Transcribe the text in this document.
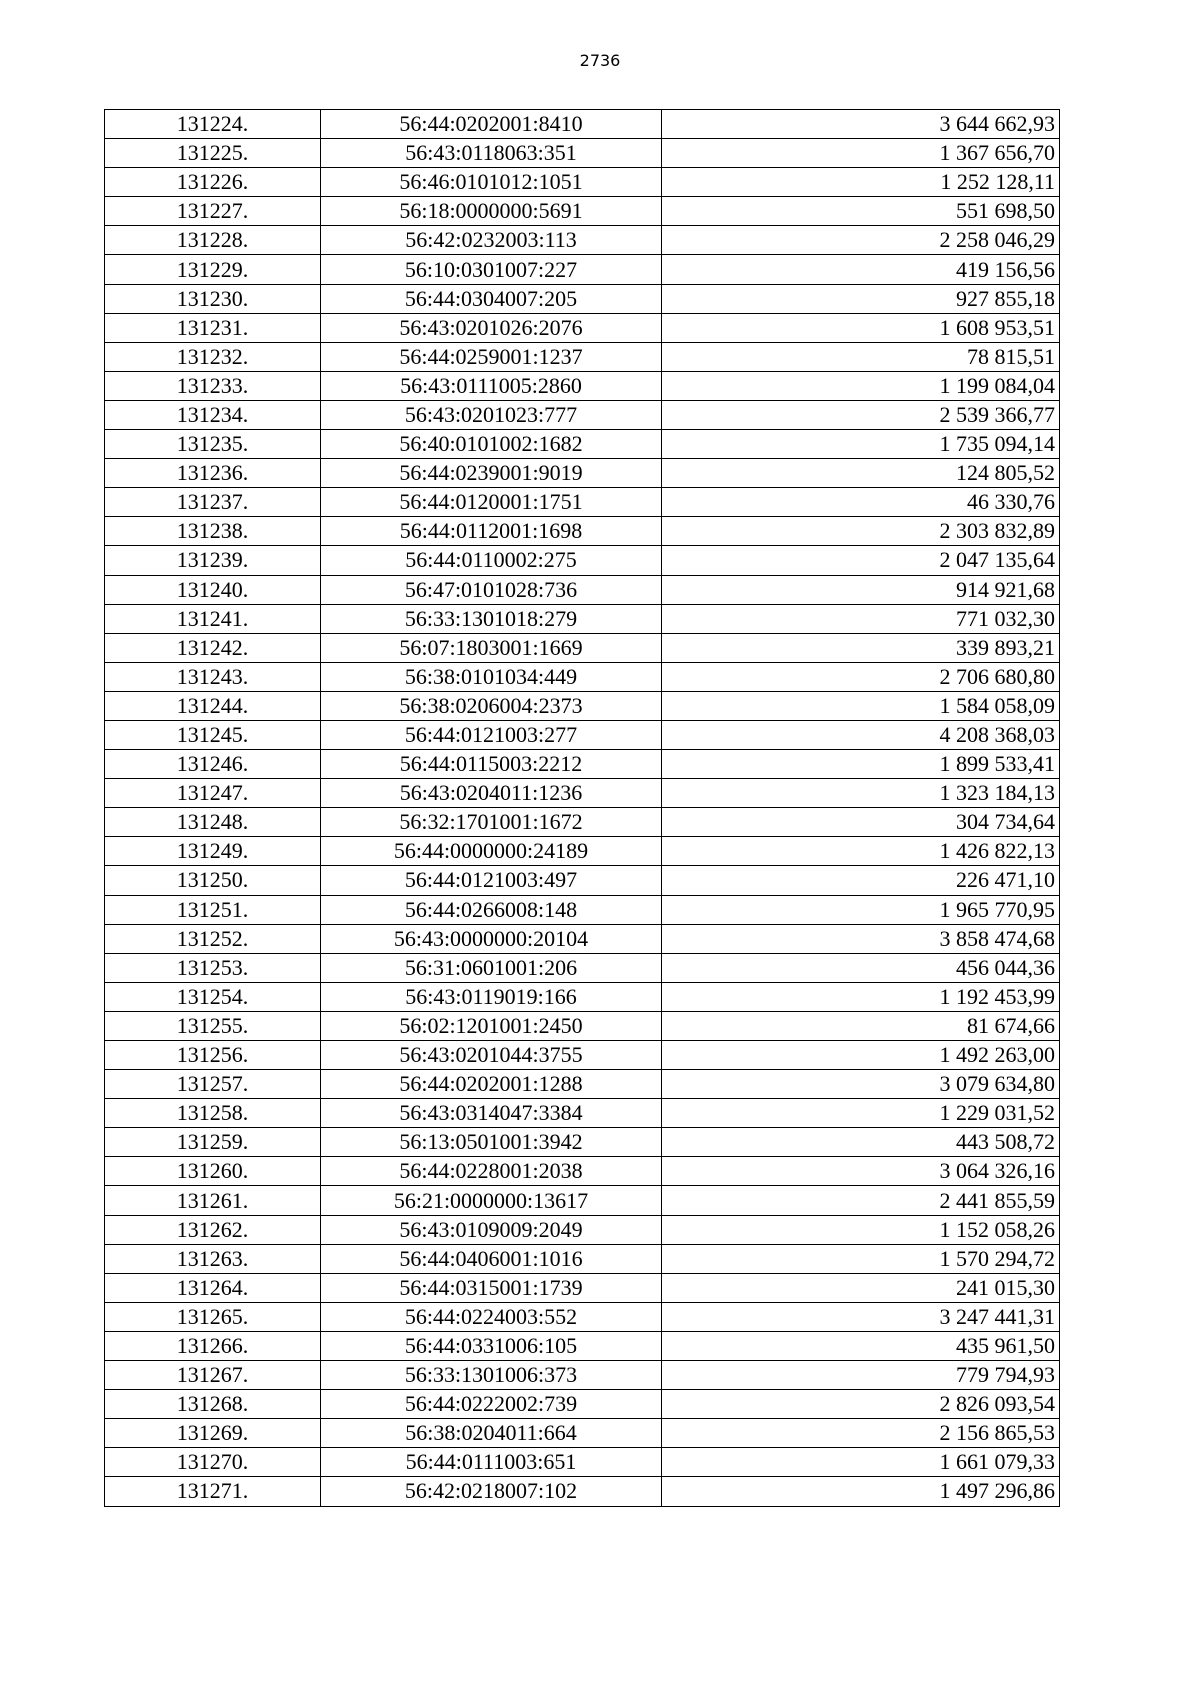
2736
131224.	56:44:0202001:8410	3 644 662,93
131225.	56:43:0118063:351	1 367 656,70
131226.	56:46:0101012:1051	1 252 128,11
131227.	56:18:0000000:5691	551 698,50
131228.	56:42:0232003:113	2 258 046,29
131229.	56:10:0301007:227	419 156,56
131230.	56:44:0304007:205	927 855,18
131231.	56:43:0201026:2076	1 608 953,51
131232.	56:44:0259001:1237	78 815,51
131233.	56:43:0111005:2860	1 199 084,04
131234.	56:43:0201023:777	2 539 366,77
131235.	56:40:0101002:1682	1 735 094,14
131236.	56:44:0239001:9019	124 805,52
131237.	56:44:0120001:1751	46 330,76
131238.	56:44:0112001:1698	2 303 832,89
131239.	56:44:0110002:275	2 047 135,64
131240.	56:47:0101028:736	914 921,68
131241.	56:33:1301018:279	771 032,30
131242.	56:07:1803001:1669	339 893,21
131243.	56:38:0101034:449	2 706 680,80
131244.	56:38:0206004:2373	1 584 058,09
131245.	56:44:0121003:277	4 208 368,03
131246.	56:44:0115003:2212	1 899 533,41
131247.	56:43:0204011:1236	1 323 184,13
131248.	56:32:1701001:1672	304 734,64
131249.	56:44:0000000:24189	1 426 822,13
131250.	56:44:0121003:497	226 471,10
131251.	56:44:0266008:148	1 965 770,95
131252.	56:43:0000000:20104	3 858 474,68
131253.	56:31:0601001:206	456 044,36
131254.	56:43:0119019:166	1 192 453,99
131255.	56:02:1201001:2450	81 674,66
131256.	56:43:0201044:3755	1 492 263,00
131257.	56:44:0202001:1288	3 079 634,80
131258.	56:43:0314047:3384	1 229 031,52
131259.	56:13:0501001:3942	443 508,72
131260.	56:44:0228001:2038	3 064 326,16
131261.	56:21:0000000:13617	2 441 855,59
131262.	56:43:0109009:2049	1 152 058,26
131263.	56:44:0406001:1016	1 570 294,72
131264.	56:44:0315001:1739	241 015,30
131265.	56:44:0224003:552	3 247 441,31
131266.	56:44:0331006:105	435 961,50
131267.	56:33:1301006:373	779 794,93
131268.	56:44:0222002:739	2 826 093,54
131269.	56:38:0204011:664	2 156 865,53
131270.	56:44:0111003:651	1 661 079,33
131271.	56:42:0218007:102	1 497 296,86
